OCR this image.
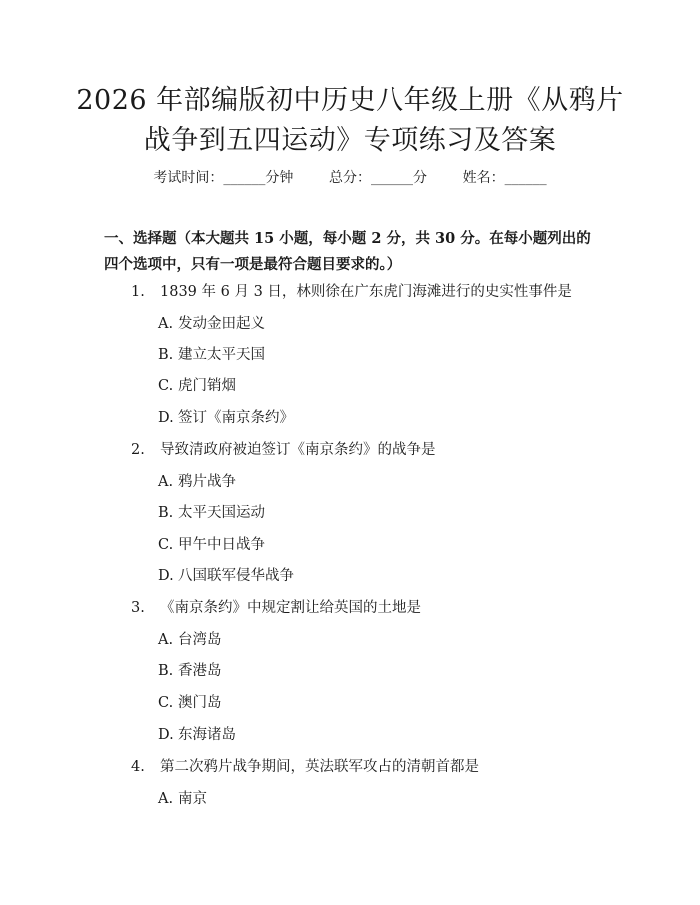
2026 年部编版初中历史八年级上册《从鸦片
战争到五四运动》专项练习及答案
考试时间：______分钟	总分：______分	姓名：______

一、选择题（本大题共 15 小题，每小题 2 分，共 30 分。在每小题列出的四个选项中，只有一项是最符合题目要求的。）

1. 1839 年 6 月 3 日，林则徐在广东虎门海滩进行的史实性事件是
A. 发动金田起义
B. 建立太平天国
C. 虎门销烟
D. 签订《南京条约》
2. 导致清政府被迫签订《南京条约》的战争是
A. 鸦片战争
B. 太平天国运动
C. 甲午中日战争
D. 八国联军侵华战争
3. 《南京条约》中规定割让给英国的土地是
A. 台湾岛
B. 香港岛
C. 澳门岛
D. 东海诸岛
4. 第二次鸦片战争期间，英法联军攻占的清朝首都是
A. 南京
